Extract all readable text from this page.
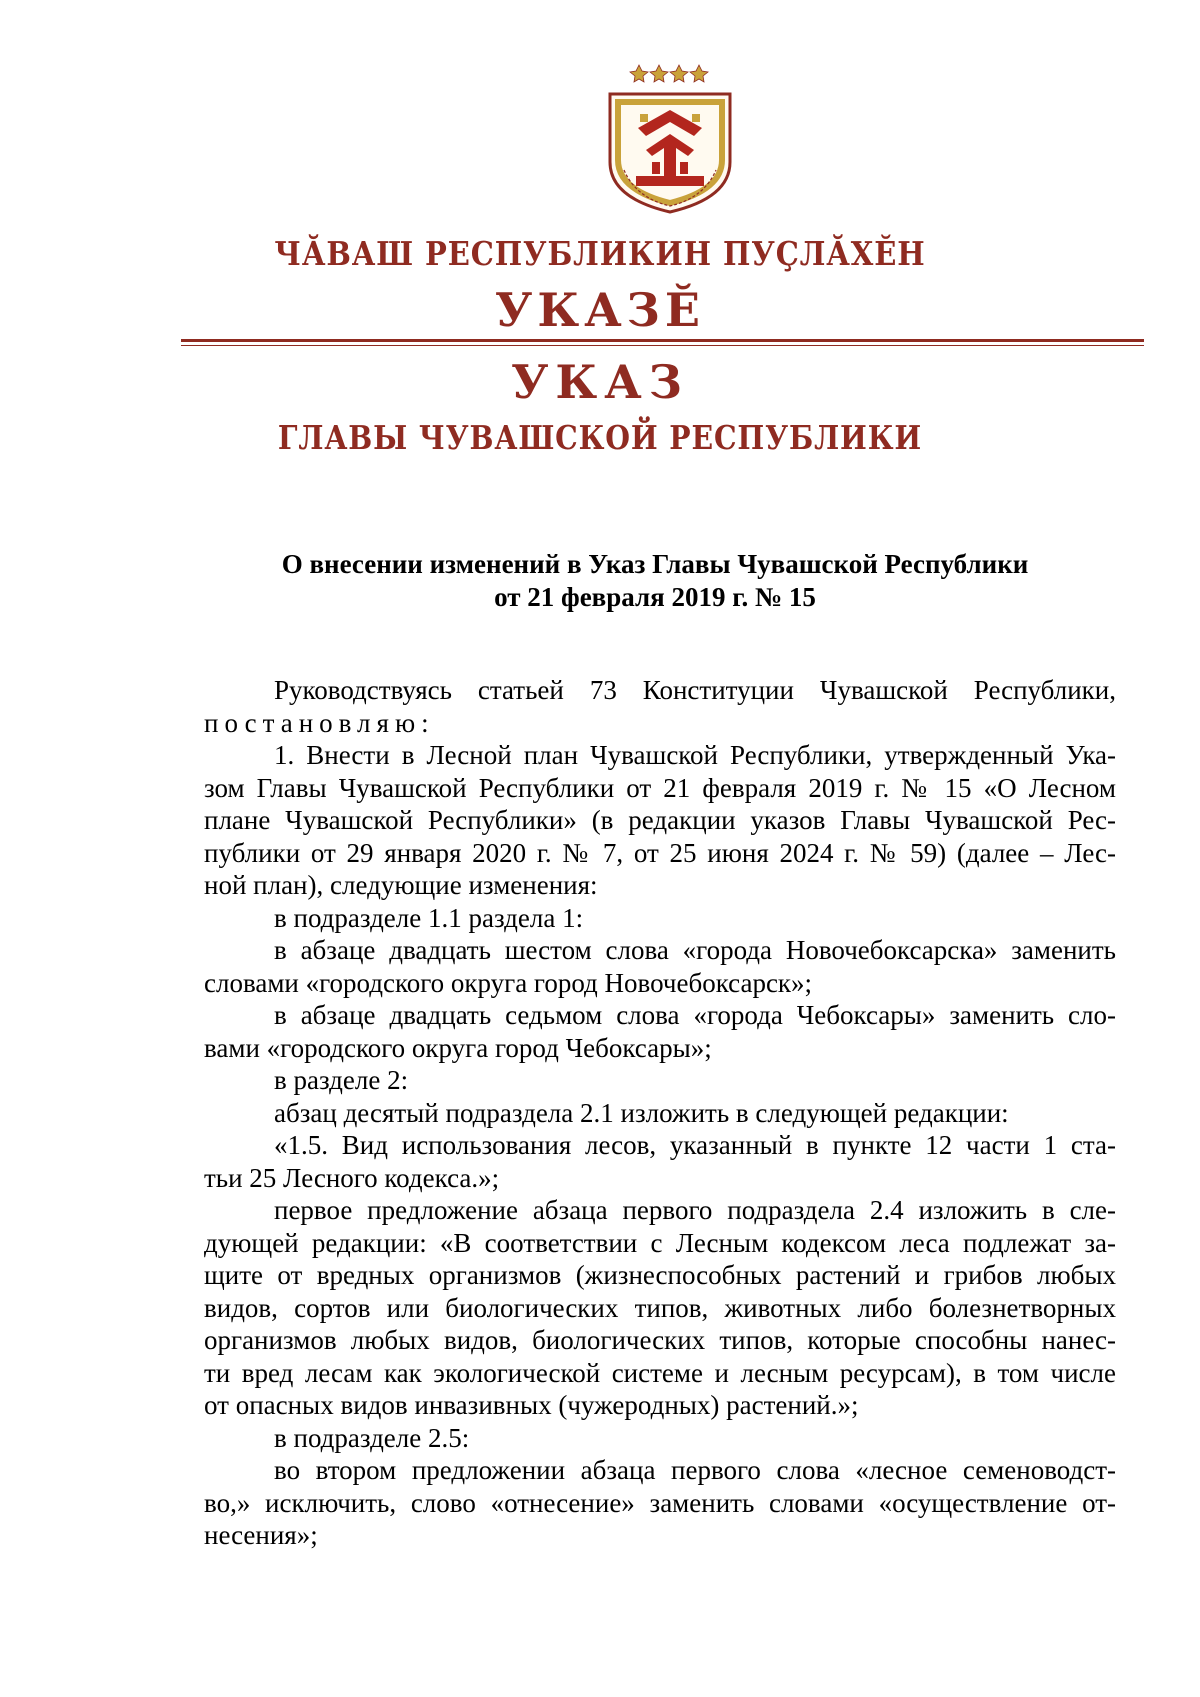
ЧӐВАШ РЕСПУБЛИКИН ПУҪЛӐХӖН
УКАЗӖ
УКАЗ
ГЛАВЫ ЧУВАШСКОЙ РЕСПУБЛИКИ
О внесении изменений в Указ Главы Чувашской Республики
от 21 февраля 2019 г. № 15
Руководствуясь статьей 73 Конституции Чувашской Республики,
постановляю:
1. Внести в Лесной план Чувашской Республики, утвержденный Ука-
зом Главы Чувашской Республики от 21 февраля 2019 г. № 15 «О Лесном
плане Чувашской Республики» (в редакции указов Главы Чувашской Рес-
публики от 29 января 2020 г. № 7, от 25 июня 2024 г. № 59) (далее – Лес-
ной план), следующие изменения:
в подразделе 1.1 раздела 1:
в абзаце двадцать шестом слова «города Новочебоксарска» заменить
словами «городского округа город Новочебоксарск»;
в абзаце двадцать седьмом слова «города Чебоксары» заменить сло-
вами «городского округа город Чебоксары»;
в разделе 2:
абзац десятый подраздела 2.1 изложить в следующей редакции:
«1.5. Вид использования лесов, указанный в пункте 12 части 1 ста-
тьи 25 Лесного кодекса.»;
первое предложение абзаца первого подраздела 2.4 изложить в сле-
дующей редакции: «В соответствии с Лесным кодексом леса подлежат за-
щите от вредных организмов (жизнеспособных растений и грибов любых
видов, сортов или биологических типов, животных либо болезнетворных
организмов любых видов, биологических типов, которые способны нанес-
ти вред лесам как экологической системе и лесным ресурсам), в том числе
от опасных видов инвазивных (чужеродных) растений.»;
в подразделе 2.5:
во втором предложении абзаца первого слова «лесное семеноводст-
во,» исключить, слово «отнесение» заменить словами «осуществление от-
несения»;
